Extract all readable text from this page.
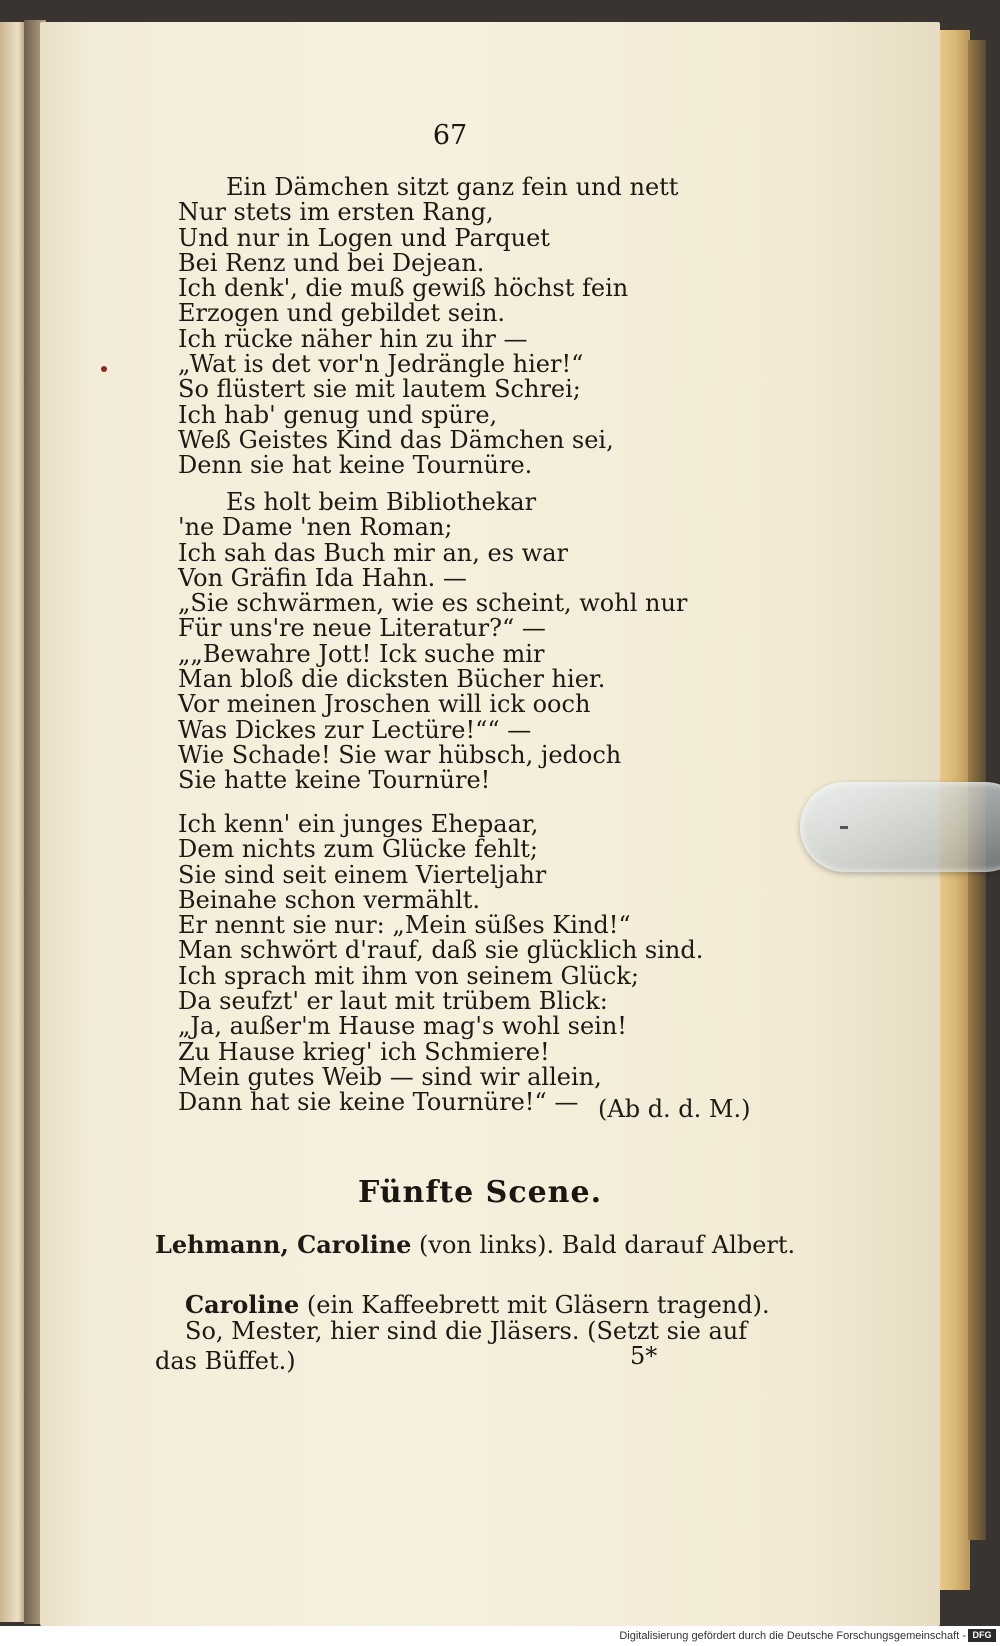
67
Ein Dämchen sitzt ganz fein und nett
Nur stets im ersten Rang,
Und nur in Logen und Parquet
Bei Renz und bei Dejean.
Ich denk', die muß gewiß höchst fein
Erzogen und gebildet sein.
Ich rücke näher hin zu ihr —
„Wat is det vor'n Jedrängle hier!“
So flüstert sie mit lautem Schrei;
Ich hab' genug und spüre,
Weß Geistes Kind das Dämchen sei,
Denn sie hat keine Tournüre.
Es holt beim Bibliothekar
'ne Dame 'nen Roman;
Ich sah das Buch mir an, es war
Von Gräfin Ida Hahn. —
„Sie schwärmen, wie es scheint, wohl nur
Für uns're neue Literatur?“ —
„„Bewahre Jott! Ick suche mir
Man bloß die dicksten Bücher hier.
Vor meinen Jroschen will ick ooch
Was Dickes zur Lectüre!““ —
Wie Schade! Sie war hübsch, jedoch
Sie hatte keine Tournüre!
Ich kenn' ein junges Ehepaar,
Dem nichts zum Glücke fehlt;
Sie sind seit einem Vierteljahr
Beinahe schon vermählt.
Er nennt sie nur: „Mein süßes Kind!“
Man schwört d'rauf, daß sie glücklich sind.
Ich sprach mit ihm von seinem Glück;
Da seufzt' er laut mit trübem Blick:
„Ja, außer'm Hause mag's wohl sein!
Zu Hause krieg' ich Schmiere!
Mein gutes Weib — sind wir allein,
Dann hat sie keine Tournüre!“ — (Ab d. d. M.)
Fünfte Scene.
Lehmann, Caroline (von links). Bald darauf Albert.
Caroline (ein Kaffeebrett mit Gläsern tragend).
So, Mester, hier sind die Jläsers. (Setzt sie auf das Büffet.)	5*
Digitalisierung gefördert durch die Deutsche Forschungsgemeinschaft - DFG
